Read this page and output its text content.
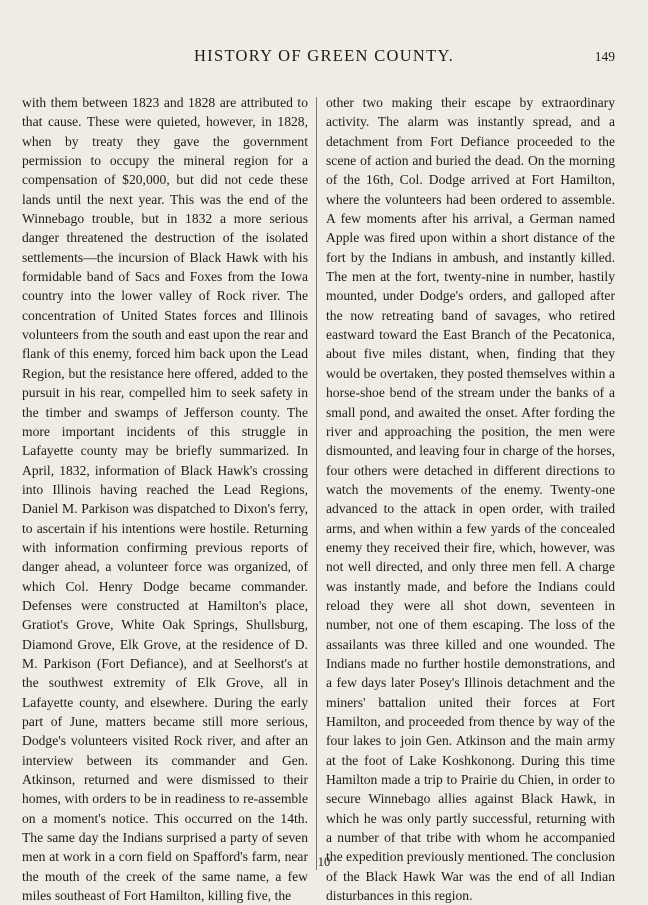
HISTORY OF GREEN COUNTY.	149

with them between 1823 and 1828 are attributed to that cause. These were quieted, however, in 1828, when by treaty they gave the government permission to occupy the mineral region for a compensation of $20,000, but did not cede these lands until the next year. This was the end of the Winnebago trouble, but in 1832 a more serious danger threatened the destruction of the isolated settlements—the incursion of Black Hawk with his formidable band of Sacs and Foxes from the Iowa country into the lower valley of Rock river. The concentration of United States forces and Illinois volunteers from the south and east upon the rear and flank of this enemy, forced him back upon the Lead Region, but the resistance here offered, added to the pursuit in his rear, compelled him to seek safety in the timber and swamps of Jefferson county. The more important incidents of this struggle in Lafayette county may be briefly summarized. In April, 1832, information of Black Hawk's crossing into Illinois having reached the Lead Regions, Daniel M. Parkison was dispatched to Dixon's ferry, to ascertain if his intentions were hostile. Returning with information confirming previous reports of danger ahead, a volunteer force was organized, of which Col. Henry Dodge became commander. Defenses were constructed at Hamilton's place, Gratiot's Grove, White Oak Springs, Shullsburg, Diamond Grove, Elk Grove, at the residence of D. M. Parkison (Fort Defiance), and at Seelhorst's at the southwest extremity of Elk Grove, all in Lafayette county, and elsewhere. During the early part of June, matters became still more serious, Dodge's volunteers visited Rock river, and after an interview between its commander and Gen. Atkinson, returned and were dismissed to their homes, with orders to be in readiness to re-assemble on a moment's notice. This occurred on the 14th. The same day the Indians surprised a party of seven men at work in a corn field on Spafford's farm, near the mouth of the creek of the same name, a few miles southeast of Fort Hamilton, killing five, the

other two making their escape by extraordinary activity. The alarm was instantly spread, and a detachment from Fort Defiance proceeded to the scene of action and buried the dead. On the morning of the 16th, Col. Dodge arrived at Fort Hamilton, where the volunteers had been ordered to assemble. A few moments after his arrival, a German named Apple was fired upon within a short distance of the fort by the Indians in ambush, and instantly killed. The men at the fort, twenty-nine in number, hastily mounted, under Dodge's orders, and galloped after the now retreating band of savages, who retired eastward toward the East Branch of the Pecatonica, about five miles distant, when, finding that they would be overtaken, they posted themselves within a horse-shoe bend of the stream under the banks of a small pond, and awaited the onset. After fording the river and approaching the position, the men were dismounted, and leaving four in charge of the horses, four others were detached in different directions to watch the movements of the enemy. Twenty-one advanced to the attack in open order, with trailed arms, and when within a few yards of the concealed enemy they received their fire, which, however, was not well directed, and only three men fell. A charge was instantly made, and before the Indians could reload they were all shot down, seventeen in number, not one of them escaping. The loss of the assailants was three killed and one wounded. The Indians made no further hostile demonstrations, and a few days later Posey's Illinois detachment and the miners' battalion united their forces at Fort Hamilton, and proceeded from thence by way of the four lakes to join Gen. Atkinson and the main army at the foot of Lake Koshkonong. During this time Hamilton made a trip to Prairie du Chien, in order to secure Winnebago allies against Black Hawk, in which he was only partly successful, returning with a number of that tribe with whom he accompanied the expedition previously mentioned. The conclusion of the Black Hawk War was the end of all Indian disturbances in this region.

10
